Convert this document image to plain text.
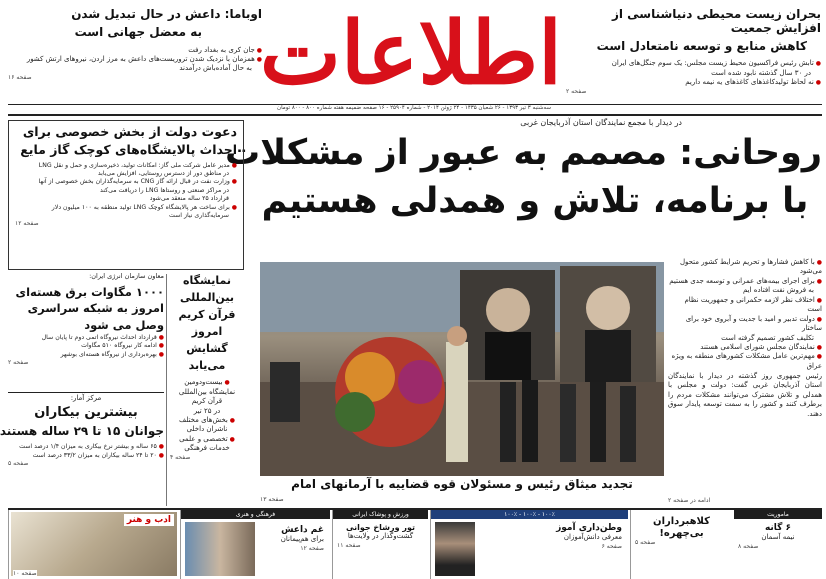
اطلاعات	بحران زیست محیطی دنیاشناسی از افزایش جمعیت
کاهش منابع و توسعه نامتعادل است
● تابش رئیس فراکسیون محیط زیست مجلس: یک سوم جنگل‌های ایران
در ۳۰ سال گذشته نابود شده است
● نه لحاظ تولیدکاغذهای کاغذهای یه نیمه داریم
صفحه ۲
اوباما: داعش در حال تبدیل شدن
به معضل جهانی است
● جان کری به بغداد رفت
● همزمان با نزدیک شدن تروریست‌های داعش به مرز اردن، نیروهای ارتش کشور
به حال آماده‌باش درآمدند
صفحه ۱۶
سه‌شنبه ۳ تیر ۱۳۹۳ - ۲۶ شعبان ۱۴۳۵ - ۲۴ ژوئن ۲۰۱۴ - شماره ۲۵۹۰۴ - ۱۶ صفحه ضمیمه هفته شماره ۸۰۰ - ۸۰۰ تومان
در دیدار با مجمع نمایندگان استان آذربایجان غربی
روحانی: مصمم به عبور از مشکلات
با برنامه، تلاش و همدلی هستیم
● با کاهش فشارها و تحریم شرایط کشور متحول می‌شود
● برای اجرای بیمه‌های عمرانی و توسعه جدی هستیم
به فروش نفت افتاده ایم
● اختلاف نظر لازمه حکمرانی و جمهوریت نظام است
● دولت تدبیر و امید با جدیت و آبروی خود برای ساختار
تکلیف کشور تصمیم گرفته است
● نمایندگان مجلس شورای اسلامی هستند
● مهم‌ترین عامل مشکلات کشورهای منطقه به ویژه عراق
رئیس جمهوری روز گذشته در دیدار با نمایندگان استان آذربایجان غربی گفت: دولت و مجلس با همدلی و تلاش مشترک می‌توانند مشکلات مردم را برطرف کنند و کشور را به سمت توسعه پایدار سوق دهند.
ادامه در صفحه ۲
تجدید میثاق رئیس و مسئولان قوه قضاییه با آرمانهای امام
صفحه ۱۳
دعوت دولت از بخش خصوصی برای
احداث پالایشگاه‌های کوچک گاز مایع
● مدیر عامل شرکت ملی گاز: امکانات تولید، ذخیره‌سازی و حمل و نقل LNG
در مناطق دور از دسترس روستایی، افزایش می‌یابد
● وزارت نفت در قبال ارائه گاز CNG به سرمایه‌گذاران بخش خصوصی از آنها
در مراکز صنعتی و روستاها LNG را دریافت می‌کند
قرارداد ۲۵ ساله منعقد می‌شود
● برای ساخت هر پالایشگاه کوچک LNG تولید منطقه به ۱۰۰ میلیون دلار
سرمایه‌گذاری نیاز است
صفحه ۱۲
معاون سازمان انرژی ایران:
۱۰۰۰ مگاوات برق هسته‌ای امروز به شبکه سراسری وصل می شود
● قرارداد احداث نیروگاه اتمی دوم تا پایان سال
● ادامه کار نیروگاه ۵۱۰ مگاوات
● بهره‌برداری از نیروگاه هسته‌ای بوشهر
صفحه ۲
نمایشگاه بین‌المللی قرآن کریم امروز گشایش می‌یابد
● بیست‌و‌دومین
نمایشگاه بین‌المللی
قرآن کریم
در ۲۵ تیر
● بخش‌های مختلف
ناشران داخلی
● تخصصی و علمی
خدمات فرهنگی
صفحه ۴
مرکز آمار:
بیشترین بیکاران
جوانان ۱۵ تا ۲۹ ساله هستند
● ۶۵ ساله و بیشتر نرخ بیکاری به میزان ۱/۴ درصد است
● ۲۰ تا ۲۴ ساله بیکاران به میزان ۳۳/۲ درصد است
صفحه ۵
ماموریت
۶ گانه
نیمه آسمان
صفحه ۸
کلاهبرداران
بی‌چهره!
صفحه ۵
۱۰۰٪ - ۱۰۰٪ - ۱۰۰٪
وطن‌داری آموز
معرفی دانش‌آموزان
صفحه ۶
ورزش و پوشاک ایرانی
تور ورشاخ جوانی
گشت‌وگذار در ولایت‌ها
صفحه ۱۱
فرهنگی و هنری
غم داعش
برای هم‌پیمانان
صفحه ۱۲
ادب و هنر
صفحه ۱۰
